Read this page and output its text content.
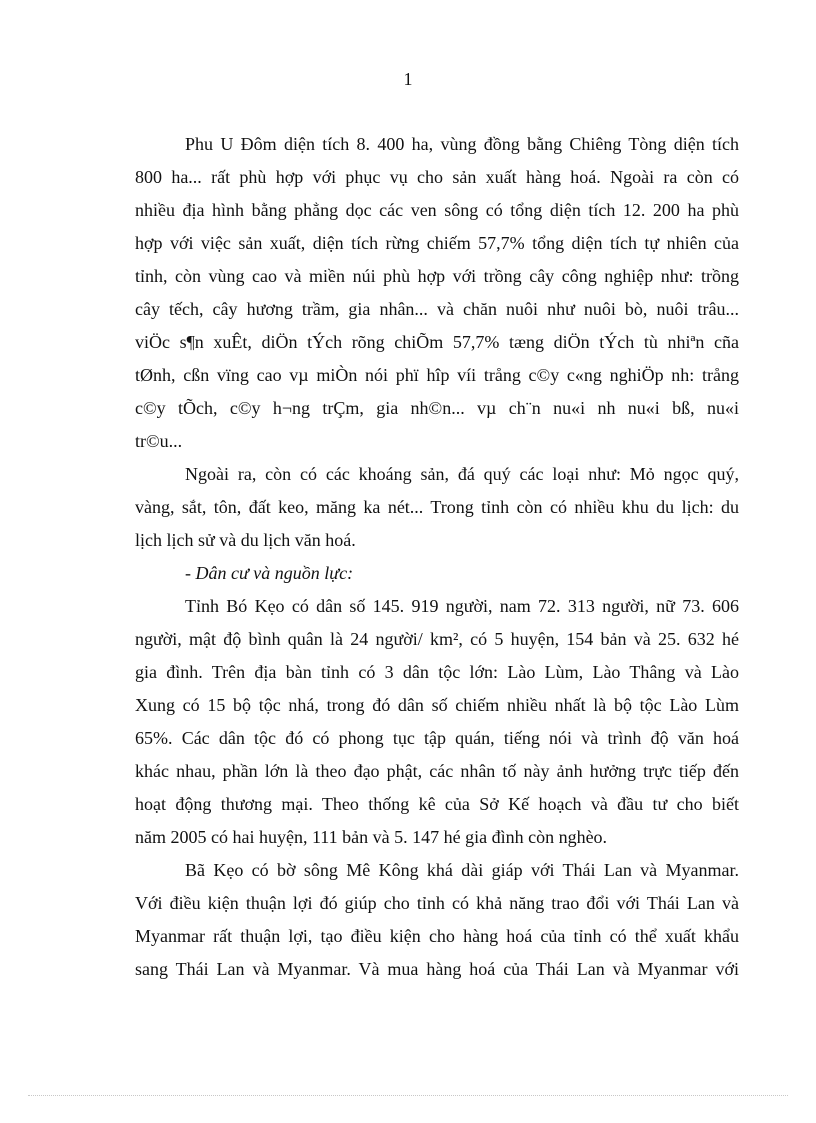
1
Phu U Đôm diện tích 8. 400 ha, vùng đồng bằng Chiêng Tòng diện tích
800 ha... rất phù hợp với phục vụ cho sản xuất hàng hoá. Ngoài ra còn có
nhiều địa hình bằng phẳng dọc các ven sông có tổng diện tích 12. 200 ha phù
hợp với việc sản xuất, diện tích rừng chiếm 57,7% tổng diện tích tự nhiên của
tỉnh, còn vùng cao và miền núi phù hợp với trồng cây công nghiệp như: trồng
cây tếch, cây hương trầm, gia nhân... và chăn nuôi như nuôi bò, nuôi trâu...
viÖc s¶n xuÊt, diÖn tÝch rõng chiÕm 57,7% tæng diÖn tÝch tù nhiªn cña
tØnh, cßn vïng cao vµ miÒn nói phï hîp víi trång c©y c«ng nghiÖp nh: trång
c©y tÕch, c©y h¬ng trÇm, gia nh©n... vµ ch¨n nu«i nh nu«i bß, nu«i
tr©u...
Ngoài ra, còn có các khoáng sản, đá quý các loại như: Mỏ ngọc quý,
vàng, sắt, tôn, đất keo, măng ka nét... Trong tỉnh còn có nhiều khu du lịch: du
lịch lịch sử và du lịch văn hoá.
- Dân cư và nguồn lực:
Tỉnh Bó Kẹo có dân số 145. 919 người, nam 72. 313 người, nữ 73. 606
người, mật độ bình quân là 24 người/ km², có 5 huyện, 154 bản và 25. 632 hé
gia đình. Trên địa bàn tỉnh có 3 dân tộc lớn: Lào Lùm, Lào Thâng và Lào
Xung có 15 bộ tộc nhá, trong đó dân số chiếm nhiều nhất là bộ tộc Lào Lùm
65%. Các dân tộc đó có phong tục tập quán, tiếng nói và trình độ văn hoá
khác nhau, phần lớn là theo đạo phật, các nhân tố này ảnh hưởng trực tiếp đến
hoạt động thương mại. Theo thống kê của Sở Kế hoạch và đầu tư cho biết
năm 2005 có hai huyện, 111 bản và 5. 147 hé gia đình còn nghèo.
Bã Kẹo có bờ sông Mê Kông khá dài giáp với Thái Lan và Myanmar.
Với điều kiện thuận lợi đó giúp cho tỉnh có khả năng trao đổi với Thái Lan và
Myanmar rất thuận lợi, tạo điều kiện cho hàng hoá của tỉnh có thể xuất khẩu
sang Thái Lan và Myanmar. Và mua hàng hoá của Thái Lan và Myanmar với
